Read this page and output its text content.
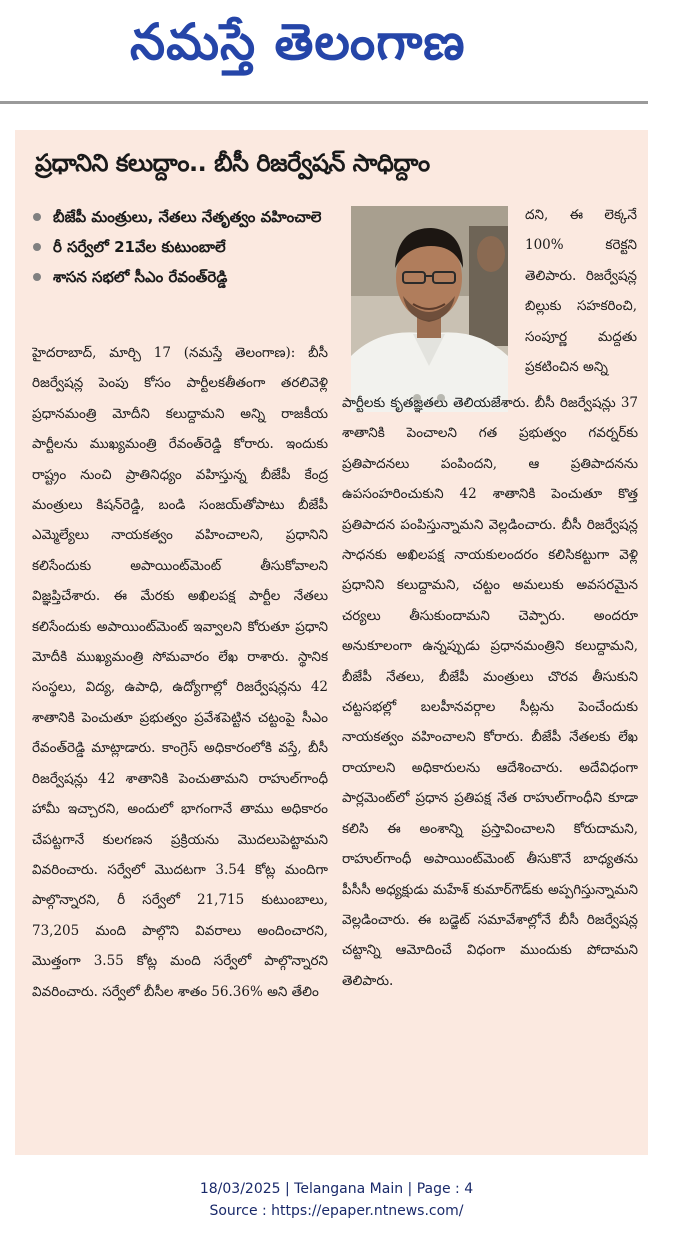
నమస్తే తెలంగాణ
ప్రధానిని కలుద్దాం.. బీసీ రిజర్వేషన్ సాధిద్దాం
బీజేపీ మంత్రులు, నేతలు నేతృత్వం వహించాలె
రీ సర్వేలో 21వేల కుటుంబాలే
శాసన సభలో సీఎం రేవంత్‌రెడ్డి
హైదరాబాద్, మార్చి 17 (నమస్తే తెలంగాణ): బీసీ రిజర్వేషన్ల పెంపు కోసం పార్టీలకతీతంగా తరలివెళ్లి ప్రధానమంత్రి మోదీని కలుద్దామని అన్ని రాజకీయ పార్టీలను ముఖ్యమంత్రి రేవంత్‌రెడ్డి కోరారు. ఇందుకు రాష్ట్రం నుంచి ప్రాతినిధ్యం వహిస్తున్న బీజేపీ కేంద్ర మంత్రులు కిషన్‌రెడ్డి, బండి సంజయ్‌తోపాటు బీజేపీ ఎమ్మెల్యేలు నాయకత్వం వహించాలని, ప్రధానిని కలిసేందుకు అపాయింట్‌మెంట్ తీసుకోవాలని విజ్ఞప్తిచేశారు. ఈ మేరకు అఖిలపక్ష పార్టీల నేతలు కలిసేందుకు అపాయింట్‌మెంట్ ఇవ్వాలని కోరుతూ ప్రధాని మోదీకి ముఖ్యమంత్రి సోమవారం లేఖ రాశారు. స్థానిక సంస్థలు, విద్య, ఉపాధి, ఉద్యోగాల్లో రిజర్వేషన్లను 42 శాతానికి పెంచుతూ ప్రభుత్వం ప్రవేశపెట్టిన చట్టంపై సీఎం రేవంత్‌రెడ్డి మాట్లాడారు. కాంగ్రెస్ అధికారంలోకి వస్తే, బీసీ రిజర్వేషన్లు 42 శాతానికి పెంచుతామని రాహుల్‌గాంధీ హామీ ఇచ్చారని, అందులో భాగంగానే తాము అధికారం చేపట్టగానే కులగణన ప్రక్రియను మొదలుపెట్టామని వివరించారు. సర్వేలో మొదటగా 3.54 కోట్ల మందిగా పాల్గొన్నారని, రీ సర్వేలో 21,715 కుటుంబాలు, 73,205 మంది పాల్గొని వివరాలు అందించారని, మొత్తంగా 3.55 కోట్ల మంది సర్వేలో పాల్గొన్నారని వివరించారు. సర్వేలో బీసీల శాతం 56.36% అని తేలిం
దని, ఈ లెక్కనే 100% కరెక్టని తెలిపారు. రిజర్వేషన్ల బిల్లుకు సహకరించి, సంపూర్ణ మద్దతు ప్రకటించిన అన్ని
పార్టీలకు కృతజ్ఞతలు తెలియజేశారు. బీసీ రిజర్వేషన్లు 37 శాతానికి పెంచాలని గత ప్రభుత్వం గవర్నర్‌కు ప్రతిపాదనలు పంపిందని, ఆ ప్రతిపాదనను ఉపసంహరించుకుని 42 శాతానికి పెంచుతూ కొత్త ప్రతిపాదన పంపిస్తున్నామని వెల్లడించారు. బీసీ రిజర్వేషన్ల సాధనకు అఖిలపక్ష నాయకులందరం కలిసికట్టుగా వెళ్లి ప్రధానిని కలుద్దామని, చట్టం అమలుకు అవసరమైన చర్యలు తీసుకుందామని చెప్పారు. అందరూ అనుకూలంగా ఉన్నప్పుడు ప్రధానమంత్రిని కలుద్దామని, బీజేపీ నేతలు, బీజేపీ మంత్రులు చొరవ తీసుకుని చట్టసభల్లో బలహీనవర్గాల సీట్లను పెంచేందుకు నాయకత్వం వహించాలని కోరారు. బీజేపీ నేతలకు లేఖ రాయాలని అధికారులను ఆదేశించారు. అదేవిధంగా పార్లమెంట్‌లో ప్రధాన ప్రతిపక్ష నేత రాహుల్‌గాంధీని కూడా కలిసి ఈ అంశాన్ని ప్రస్తావించాలని కోరుదామని, రాహుల్‌గాంధీ అపాయింట్‌మెంట్ తీసుకొనే బాధ్యతను పీసీసీ అధ్యక్షుడు మహేశ్ కుమార్‌గౌడ్‌కు అప్పగిస్తున్నామని వెల్లడించారు. ఈ బడ్జెట్ సమావేశాల్లోనే బీసీ రిజర్వేషన్ల చట్టాన్ని ఆమోదించే విధంగా ముందుకు పోదామని తెలిపారు.
18/03/2025 | Telangana Main | Page : 4
Source : https://epaper.ntnews.com/
